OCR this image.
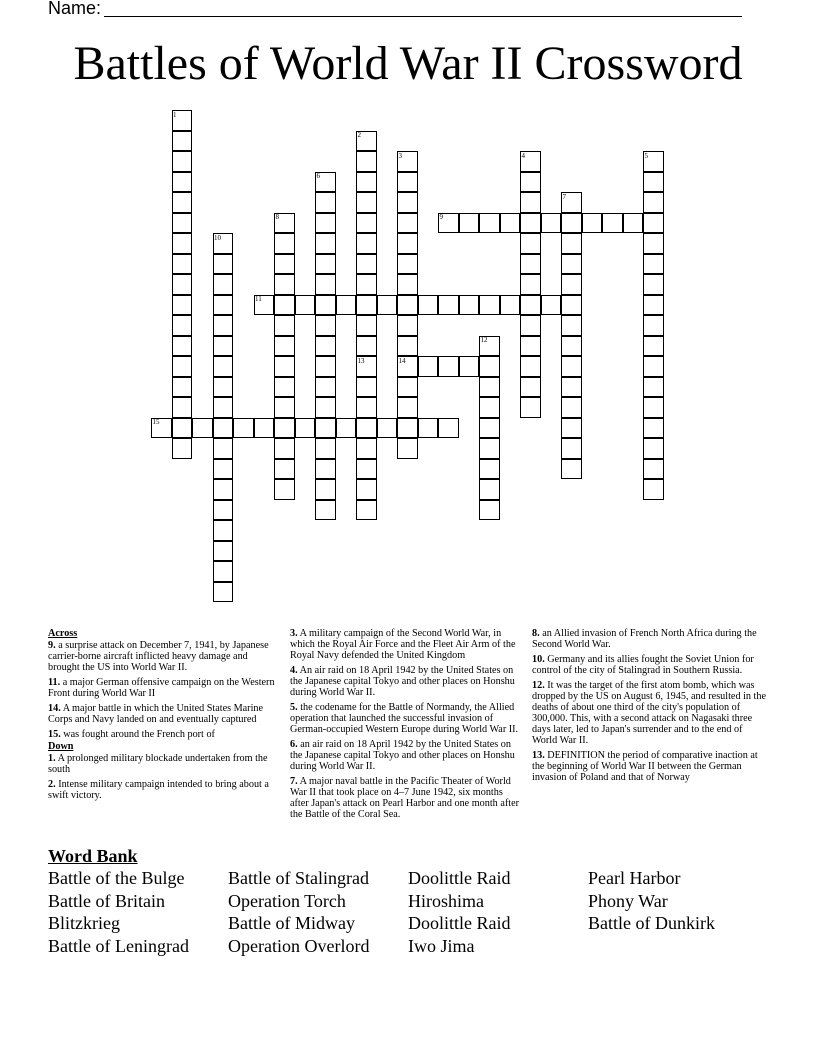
Name:
Battles of World War II Crossword
1
2
3	4	5
6
7
8	9
10
11
12
13	14
15

Across

9. a surprise attack on December 7, 1941, by Japanese carrier-borne aircraft inflicted heavy damage and brought the US into World War II.

11. a major German offensive campaign on the Western Front during World War II

14. A major battle in which the United States Marine Corps and Navy landed on and eventually captured

15. was fought around the French port of

Down

1. A prolonged military blockade undertaken from the south

2. Intense military campaign intended to bring about a swift victory.

3. A military campaign of the Second World War, in which the Royal Air Force and the Fleet Air Arm of the Royal Navy defended the United Kingdom

4. An air raid on 18 April 1942 by the United States on the Japanese capital Tokyo and other places on Honshu during World War II.

5. the codename for the Battle of Normandy, the Allied operation that launched the successful invasion of German-occupied Western Europe during World War II.

6. an air raid on 18 April 1942 by the United States on the Japanese capital Tokyo and other places on Honshu during World War II.

7. A major naval battle in the Pacific Theater of World War II that took place on 4–7 June 1942, six months after Japan's attack on Pearl Harbor and one month after the Battle of the Coral Sea.

8. an Allied invasion of French North Africa during the Second World War.

10. Germany and its allies fought the Soviet Union for control of the city of Stalingrad in Southern Russia.

12. It was the target of the first atom bomb, which was dropped by the US on August 6, 1945, and resulted in the deaths of about one third of the city's population of 300,000. This, with a second attack on Nagasaki three days later, led to Japan's surrender and to the end of World War II.

13. DEFINITION the period of comparative inaction at the beginning of World War II between the German invasion of Poland and that of Norway

Word Bank
Battle of the Bulge
Battle of Britain
Blitzkrieg
Battle of Leningrad
Battle of Stalingrad
Operation Torch
Battle of Midway
Operation Overlord
Doolittle Raid
Hiroshima
Doolittle Raid
Iwo Jima
Pearl Harbor
Phony War
Battle of Dunkirk
